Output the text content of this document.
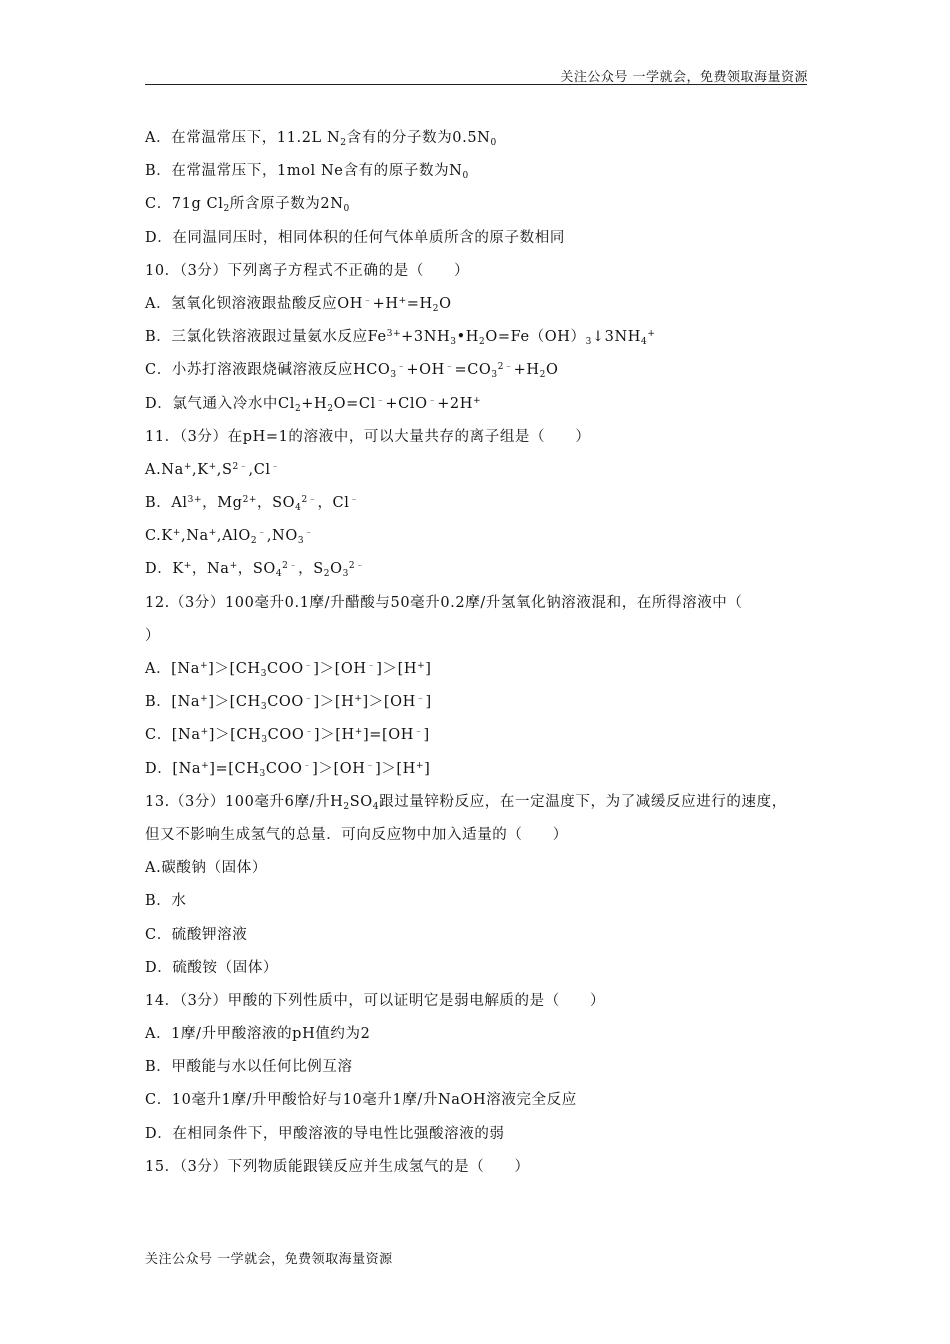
关注公众号 一学就会，免费领取海量资源
A．在常温常压下，11.2L $N_2$含有的分子数为$0.5N_0$
B．在常温常压下，1mol Ne含有的原子数为$N_0$
C．71g $Cl_2$所含原子数为$2N_0$
D．在同温同压时，相同体积的任何气体单质所含的原子数相同
10．（3分）下列离子方程式不正确的是（　　）
A．氢氧化钡溶液跟盐酸反应$OH^﹣+H^+=H_2O$
B．三氯化铁溶液跟过量氨水反应$Fe^{3+}+3NH_3•H_2O=Fe(OH)_3↓3NH_4^+$
C．小苏打溶液跟烧碱溶液反应$HCO_3^﹣+OH^﹣=CO_3^{2﹣}+H_2O$
D．氯气通入冷水中$Cl_2+H_2O=Cl^﹣+ClO^﹣+2H^+$
11．（3分）在pH=1的溶液中，可以大量共存的离子组是（　　）
$A.Na^+,K^+,S^{2﹣},Cl^﹣$
B．$Al^{3+}$，$Mg^{2+}$，$SO_4^{2﹣}$，Cl﹣
$C.K^+,Na^+,AlO_2^﹣,NO_3^﹣$
D．K+，Na+，$SO_4^{2﹣}$，$S_2O_3^{2﹣}$
12.（3分）100毫升0.1摩/升醋酸与50毫升0.2摩/升氢氧化钠溶液混和，在所得溶液中（
）
A．$[Na^+]>[CH_3COO^﹣]>[OH^﹣]>[H^+]$
B．$[Na^+]>[CH_3COO^﹣]>[H^+]>[OH^﹣]$
C．$[Na^+]>[CH_3COO^﹣]>[H^+]=[OH^﹣]$
D．$[Na^+]=[CH_3COO^﹣]>[OH^﹣]>[H^+]$
13.（3分）100毫升6摩/升$H_2SO_4$跟过量锌粉反应，在一定温度下，为了减缓反应进行的速度，
但又不影响生成氢气的总量．可向反应物中加入适量的（　　）
A.碳酸钠（固体）
B．水
C．硫酸钾溶液
D．硫酸铵（固体）
14．（3分）甲酸的下列性质中，可以证明它是弱电解质的是（　　）
A．1摩/升甲酸溶液的pH值约为2
B．甲酸能与水以任何比例互溶
C．10毫升1摩/升甲酸恰好与10毫升1摩/升NaOH溶液完全反应
D．在相同条件下，甲酸溶液的导电性比强酸溶液的弱
15．（3分）下列物质能跟镁反应并生成氢气的是（　　）
关注公众号 一学就会，免费领取海量资源
